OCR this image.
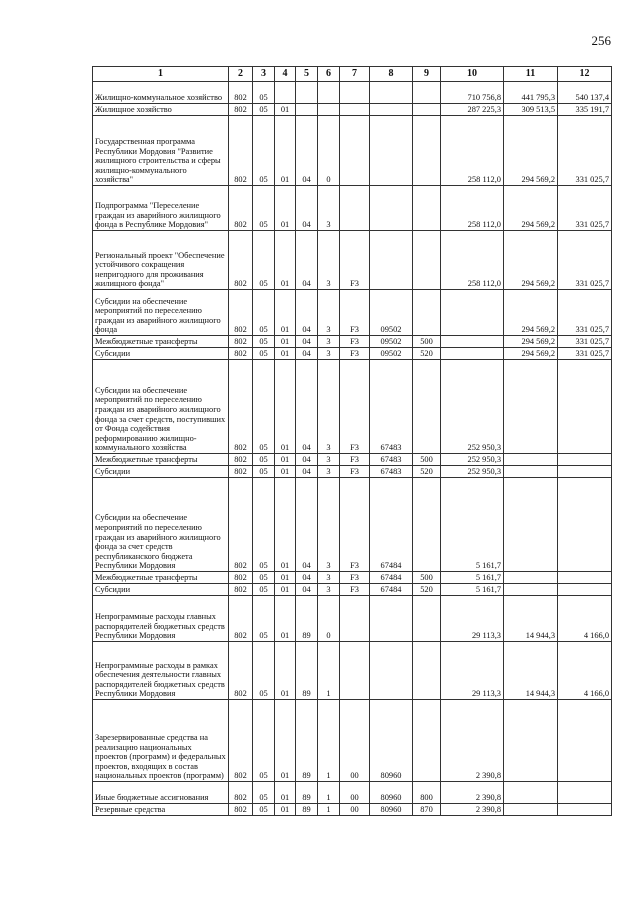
256
1	2	3	4	5	6	7	8	9	10	11	12
Жилищно-коммунальное хозяйство	802	05							710 756,8	441 795,3	540 137,4
Жилищное хозяйство	802	05	01						287 225,3	309 513,5	335 191,7
Государственная программа Республики Мордовия "Развитие жилищного строительства и сферы жилищно-коммунального хозяйства"	802	05	01	04	0				258 112,0	294 569,2	331 025,7
Подпрограмма "Переселение граждан из аварийного жилищного фонда в Республике Мордовия"	802	05	01	04	3				258 112,0	294 569,2	331 025,7
Региональный проект "Обеспечение устойчивого сокращения непригодного для проживания жилищного фонда"	802	05	01	04	3	F3			258 112,0	294 569,2	331 025,7
Субсидии на обеспечение мероприятий по переселению граждан из аварийного жилищного фонда	802	05	01	04	3	F3	09502			294 569,2	331 025,7
Межбюджетные трансферты	802	05	01	04	3	F3	09502	500		294 569,2	331 025,7
Субсидии	802	05	01	04	3	F3	09502	520		294 569,2	331 025,7
Субсидии на обеспечение мероприятий по переселению граждан из аварийного жилищного фонда за счет средств, поступивших от Фонда содействия реформированию жилищно-коммунального хозяйства	802	05	01	04	3	F3	67483		252 950,3		
Межбюджетные трансферты	802	05	01	04	3	F3	67483	500	252 950,3		
Субсидии	802	05	01	04	3	F3	67483	520	252 950,3		
Субсидии на обеспечение мероприятий по переселению граждан из аварийного жилищного фонда за счет средств республиканского бюджета Республики Мордовия	802	05	01	04	3	F3	67484		5 161,7		
Межбюджетные трансферты	802	05	01	04	3	F3	67484	500	5 161,7		
Субсидии	802	05	01	04	3	F3	67484	520	5 161,7		
Непрограммные расходы главных распорядителей бюджетных средств Республики Мордовия	802	05	01	89	0				29 113,3	14 944,3	4 166,0
Непрограммные расходы в рамках обеспечения деятельности главных распорядителей бюджетных средств Республики Мордовия	802	05	01	89	1				29 113,3	14 944,3	4 166,0
Зарезервированные средства на реализацию национальных проектов (программ) и федеральных проектов, входящих в состав национальных проектов (программ)	802	05	01	89	1	00	80960		2 390,8		
Иные бюджетные ассигнования	802	05	01	89	1	00	80960	800	2 390,8		
Резервные средства	802	05	01	89	1	00	80960	870	2 390,8		
